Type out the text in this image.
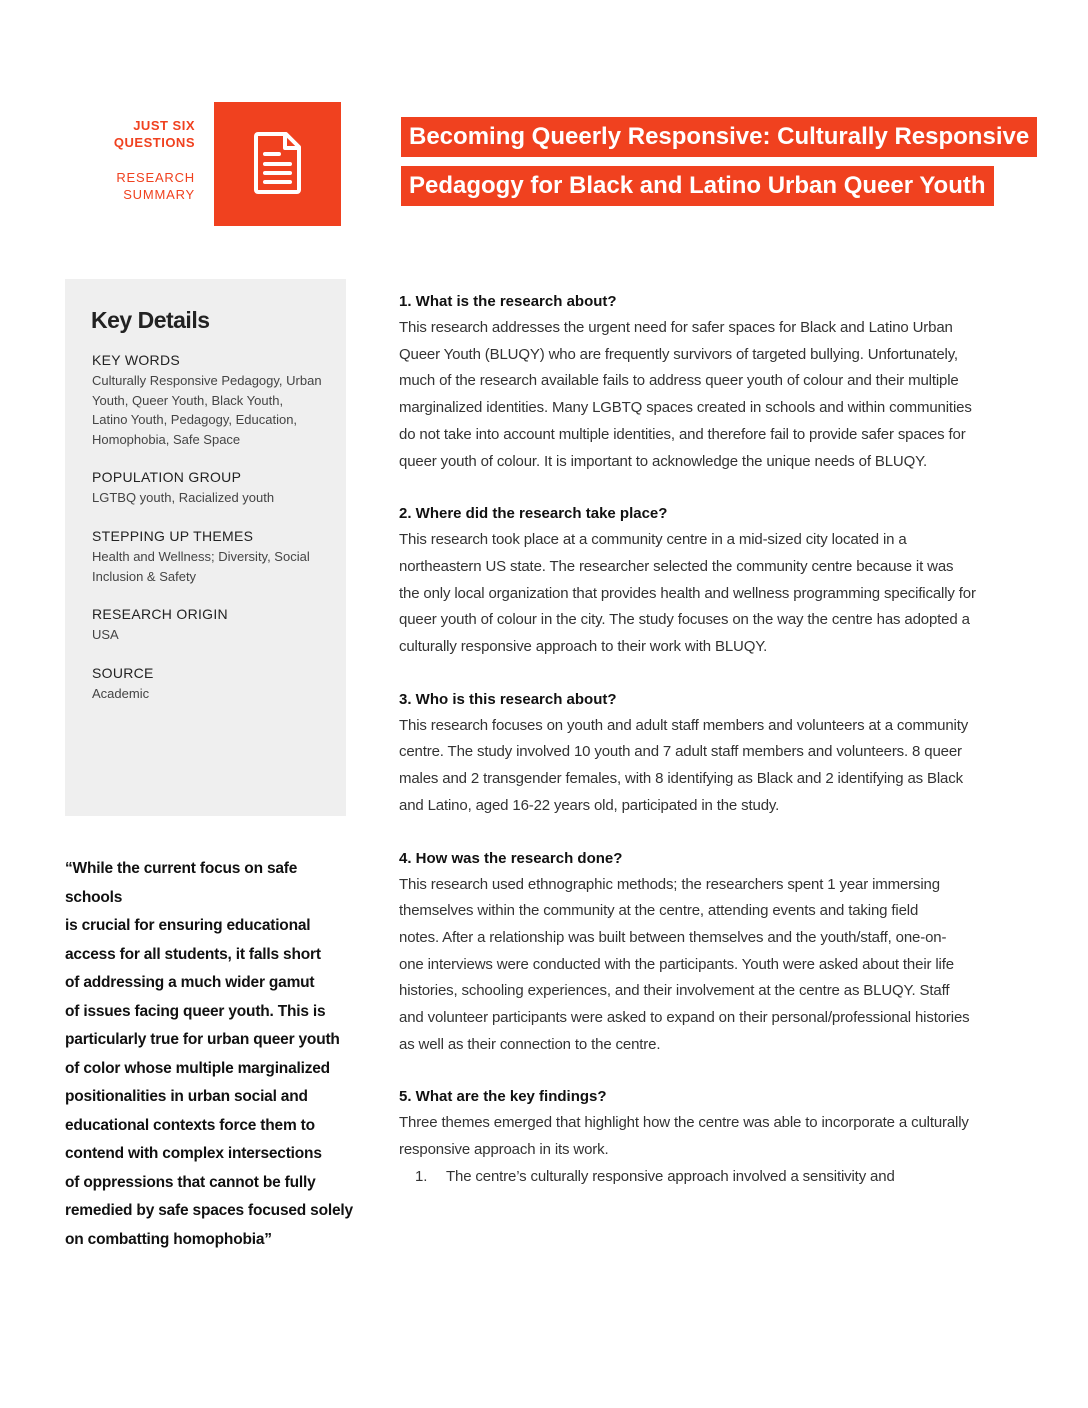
JUST SIX
QUESTIONS
RESEARCH
SUMMARY
Becoming Queerly Responsive: Culturally Responsive
Pedagogy for Black and Latino Urban Queer Youth
Key Details
KEY WORDS
Culturally Responsive Pedagogy, Urban
Youth, Queer Youth, Black Youth,
Latino Youth, Pedagogy, Education,
Homophobia, Safe Space
POPULATION GROUP
LGTBQ youth, Racialized youth
STEPPING UP THEMES
Health and Wellness; Diversity, Social
Inclusion & Safety
RESEARCH ORIGIN
USA
SOURCE
Academic
“While the current focus on safe schools
is crucial for ensuring educational
access for all students, it falls short
of addressing a much wider gamut
of issues facing queer youth. This is
particularly true for urban queer youth
of color whose multiple marginalized
positionalities in urban social and
educational contexts force them to
contend with complex intersections
of oppressions that cannot be fully
remedied by safe spaces focused solely
on combatting homophobia”
1. What is the research about?
This research addresses the urgent need for safer spaces for Black and Latino Urban
Queer Youth (BLUQY) who are frequently survivors of targeted bullying. Unfortunately,
much of the research available fails to address queer youth of colour and their multiple
marginalized identities. Many LGBTQ spaces created in schools and within communities
do not take into account multiple identities, and therefore fail to provide safer spaces for
queer youth of colour. It is important to acknowledge the unique needs of BLUQY.
2. Where did the research take place?
This research took place at a community centre in a mid-sized city located in a
northeastern US state. The researcher selected the community centre because it was
the only local organization that provides health and wellness programming specifically for
queer youth of colour in the city. The study focuses on the way the centre has adopted a
culturally responsive approach to their work with BLUQY.
3. Who is this research about?
This research focuses on youth and adult staff members and volunteers at a community
centre. The study involved 10 youth and 7 adult staff members and volunteers. 8 queer
males and 2 transgender females, with 8 identifying as Black and 2 identifying as Black
and Latino, aged 16-22 years old, participated in the study.
4. How was the research done?
This research used ethnographic methods; the researchers spent 1 year immersing
themselves within the community at the centre, attending events and taking field
notes. After a relationship was built between themselves and the youth/staff, one-on-
one interviews were conducted with the participants. Youth were asked about their life
histories, schooling experiences, and their involvement at the centre as BLUQY. Staff
and volunteer participants were asked to expand on their personal/professional histories
as well as their connection to the centre.
5. What are the key findings?
Three themes emerged that highlight how the centre was able to incorporate a culturally
responsive approach in its work.
1. The centre’s culturally responsive approach involved a sensitivity and
